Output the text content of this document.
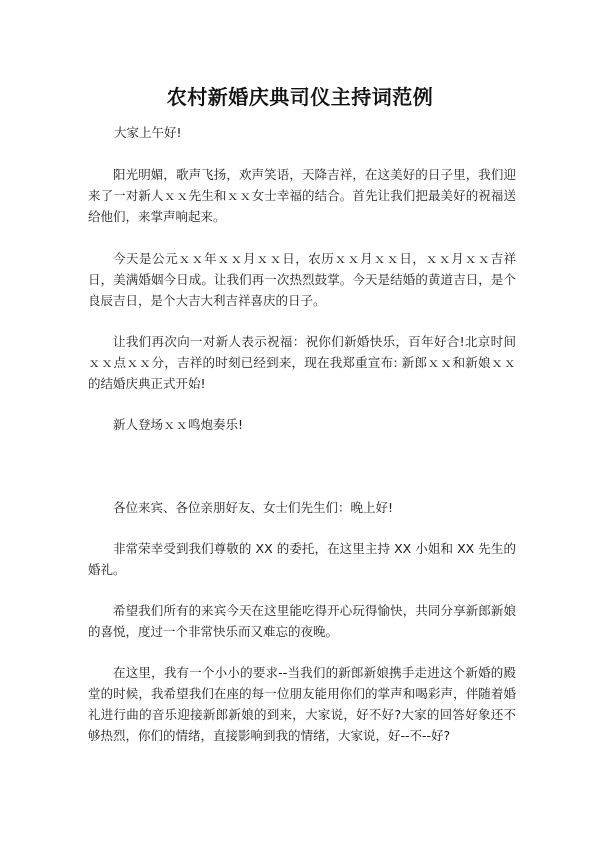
农村新婚庆典司仪主持词范例

大家上午好!

阳光明媚，歌声飞扬，欢声笑语，天降吉祥，在这美好的日子里，我们迎来了一对新人ｘｘ先生和ｘｘ女士幸福的结合。首先让我们把最美好的祝福送给他们，来掌声响起来。

今天是公元ｘｘ年ｘｘ月ｘｘ日，农历ｘｘ月ｘｘ日，ｘｘ月ｘｘ吉祥日，美满婚姻今日成。让我们再一次热烈鼓掌。今天是结婚的黄道吉日，是个良辰吉日，是个大吉大利吉祥喜庆的日子。

让我们再次向一对新人表示祝福：祝你们新婚快乐，百年好合!北京时间ｘｘ点ｘｘ分，吉祥的时刻已经到来，现在我郑重宣布: 新郎ｘｘ和新娘ｘｘ的结婚庆典正式开始!

新人登场ｘｘ鸣炮奏乐!

各位来宾、各位亲朋好友、女士们先生们：晚上好!

非常荣幸受到我们尊敬的 XX 的委托，在这里主持 XX 小姐和 XX 先生的婚礼。

希望我们所有的来宾今天在这里能吃得开心玩得愉快，共同分享新郎新娘的喜悦，度过一个非常快乐而又难忘的夜晚。

在这里，我有一个小小的要求--当我们的新郎新娘携手走进这个新婚的殿堂的时候，我希望我们在座的每一位朋友能用你们的掌声和喝彩声，伴随着婚礼进行曲的音乐迎接新郎新娘的到来，大家说，好不好?大家的回答好象还不够热烈，你们的情绪，直接影响到我的情绪，大家说，好--不--好?
